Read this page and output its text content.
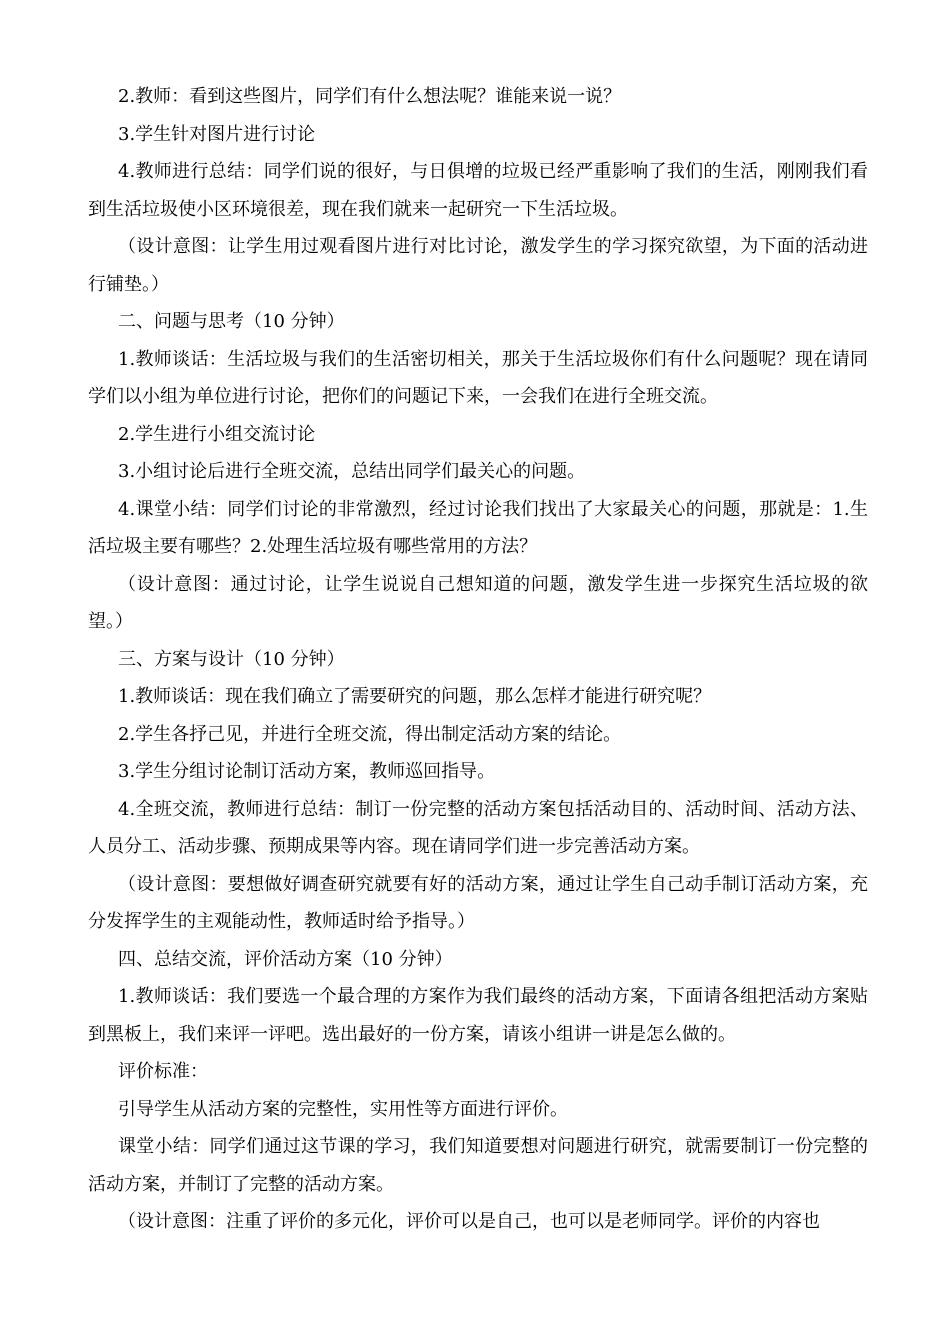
2.教师：看到这些图片，同学们有什么想法呢？谁能来说一说？

3.学生针对图片进行讨论

4.教师进行总结：同学们说的很好，与日俱增的垃圾已经严重影响了我们的生活，刚刚我们看到生活垃圾使小区环境很差，现在我们就来一起研究一下生活垃圾。

（设计意图：让学生用过观看图片进行对比讨论，激发学生的学习探究欲望，为下面的活动进行铺垫。）

二、问题与思考（10 分钟）

1.教师谈话：生活垃圾与我们的生活密切相关，那关于生活垃圾你们有什么问题呢？现在请同学们以小组为单位进行讨论，把你们的问题记下来，一会我们在进行全班交流。

2.学生进行小组交流讨论

3.小组讨论后进行全班交流，总结出同学们最关心的问题。

4.课堂小结：同学们讨论的非常激烈，经过讨论我们找出了大家最关心的问题，那就是：1.生活垃圾主要有哪些？2.处理生活垃圾有哪些常用的方法？

（设计意图：通过讨论，让学生说说自己想知道的问题，激发学生进一步探究生活垃圾的欲望。）

三、方案与设计（10 分钟）

1.教师谈话：现在我们确立了需要研究的问题，那么怎样才能进行研究呢？

2.学生各抒己见，并进行全班交流，得出制定活动方案的结论。

3.学生分组讨论制订活动方案，教师巡回指导。

4.全班交流，教师进行总结：制订一份完整的活动方案包括活动目的、活动时间、活动方法、人员分工、活动步骤、预期成果等内容。现在请同学们进一步完善活动方案。

（设计意图：要想做好调查研究就要有好的活动方案，通过让学生自己动手制订活动方案，充分发挥学生的主观能动性，教师适时给予指导。）

四、总结交流，评价活动方案（10 分钟）

1.教师谈话：我们要选一个最合理的方案作为我们最终的活动方案，下面请各组把活动方案贴到黑板上，我们来评一评吧。选出最好的一份方案，请该小组讲一讲是怎么做的。

评价标准：

引导学生从活动方案的完整性，实用性等方面进行评价。

课堂小结：同学们通过这节课的学习，我们知道要想对问题进行研究，就需要制订一份完整的活动方案，并制订了完整的活动方案。

（设计意图：注重了评价的多元化，评价可以是自己，也可以是老师同学。评价的内容也
